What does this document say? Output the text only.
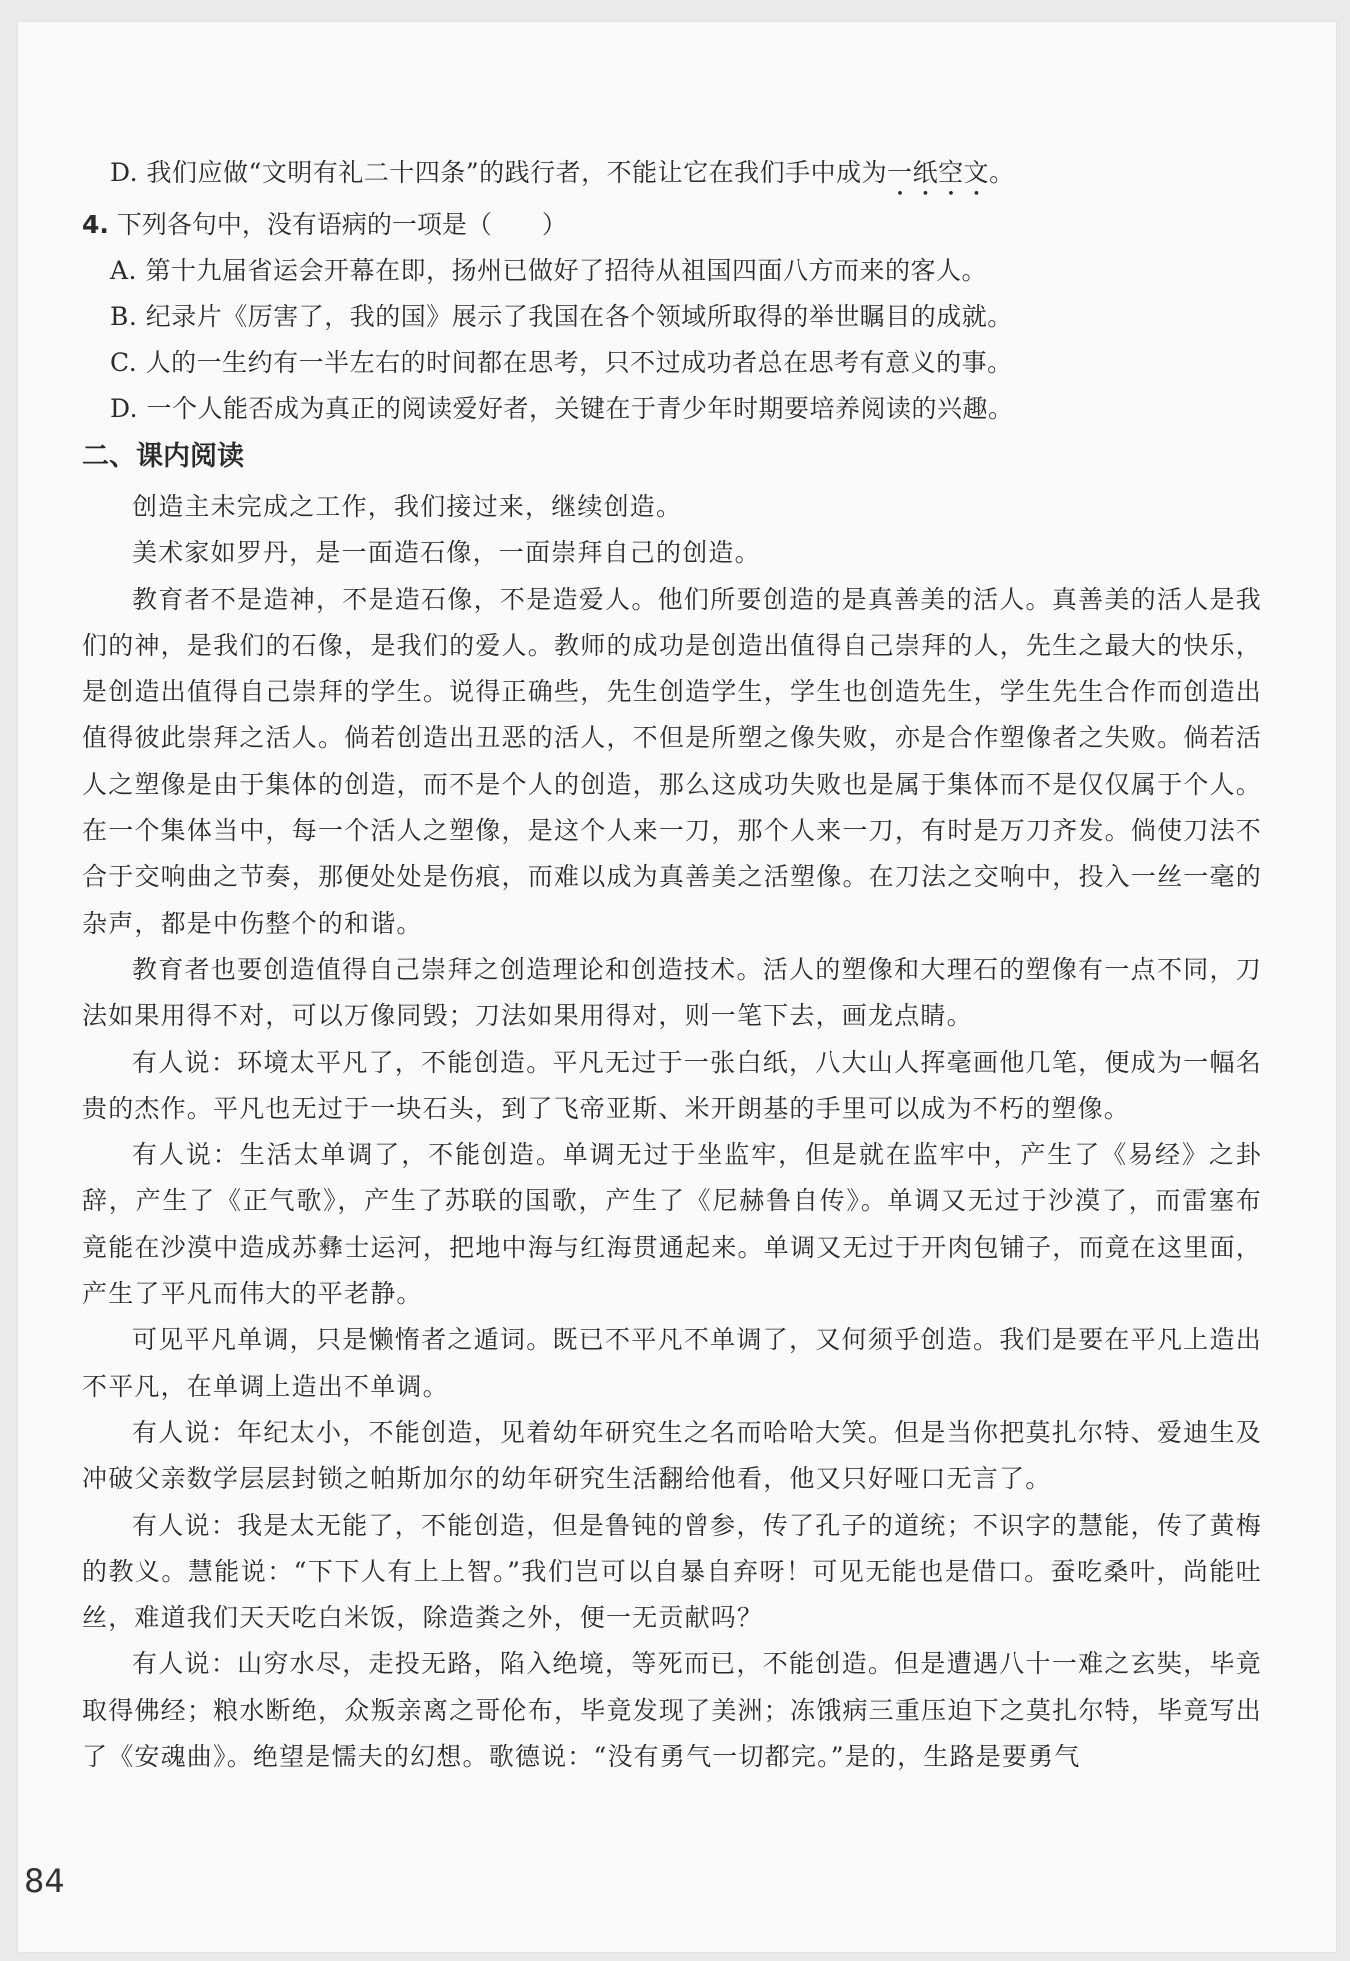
D. 我们应做“文明有礼二十四条”的践行者，不能让它在我们手中成为一纸空文。
4. 下列各句中，没有语病的一项是（　　）
A. 第十九届省运会开幕在即，扬州已做好了招待从祖国四面八方而来的客人。
B. 纪录片《厉害了，我的国》展示了我国在各个领域所取得的举世瞩目的成就。
C. 人的一生约有一半左右的时间都在思考，只不过成功者总在思考有意义的事。
D. 一个人能否成为真正的阅读爱好者，关键在于青少年时期要培养阅读的兴趣。
二、课内阅读

创造主未完成之工作，我们接过来，继续创造。

美术家如罗丹，是一面造石像，一面崇拜自己的创造。

教育者不是造神，不是造石像，不是造爱人。他们所要创造的是真善美的活人。真善美的活人是我们的神，是我们的石像，是我们的爱人。教师的成功是创造出值得自己崇拜的人，先生之最大的快乐，是创造出值得自己崇拜的学生。说得正确些，先生创造学生，学生也创造先生，学生先生合作而创造出值得彼此崇拜之活人。倘若创造出丑恶的活人，不但是所塑之像失败，亦是合作塑像者之失败。倘若活人之塑像是由于集体的创造，而不是个人的创造，那么这成功失败也是属于集体而不是仅仅属于个人。在一个集体当中，每一个活人之塑像，是这个人来一刀，那个人来一刀，有时是万刀齐发。倘使刀法不合于交响曲之节奏，那便处处是伤痕，而难以成为真善美之活塑像。在刀法之交响中，投入一丝一毫的杂声，都是中伤整个的和谐。

教育者也要创造值得自己崇拜之创造理论和创造技术。活人的塑像和大理石的塑像有一点不同，刀法如果用得不对，可以万像同毁；刀法如果用得对，则一笔下去，画龙点睛。

有人说：环境太平凡了，不能创造。平凡无过于一张白纸，八大山人挥毫画他几笔，便成为一幅名贵的杰作。平凡也无过于一块石头，到了飞帝亚斯、米开朗基的手里可以成为不朽的塑像。

有人说：生活太单调了，不能创造。单调无过于坐监牢，但是就在监牢中，产生了《易经》之卦辞，产生了《正气歌》，产生了苏联的国歌，产生了《尼赫鲁自传》。单调又无过于沙漠了，而雷塞布竟能在沙漠中造成苏彝士运河，把地中海与红海贯通起来。单调又无过于开肉包铺子，而竟在这里面，产生了平凡而伟大的平老静。

可见平凡单调，只是懒惰者之遁词。既已不平凡不单调了，又何须乎创造。我们是要在平凡上造出不平凡，在单调上造出不单调。

有人说：年纪太小，不能创造，见着幼年研究生之名而哈哈大笑。但是当你把莫扎尔特、爱迪生及冲破父亲数学层层封锁之帕斯加尔的幼年研究生活翻给他看，他又只好哑口无言了。

有人说：我是太无能了，不能创造，但是鲁钝的曾参，传了孔子的道统；不识字的慧能，传了黄梅的教义。慧能说：“下下人有上上智。”我们岂可以自暴自弃呀！可见无能也是借口。蚕吃桑叶，尚能吐丝，难道我们天天吃白米饭，除造粪之外，便一无贡献吗？

有人说：山穷水尽，走投无路，陷入绝境，等死而已，不能创造。但是遭遇八十一难之玄奘，毕竟取得佛经；粮水断绝，众叛亲离之哥伦布，毕竟发现了美洲；冻饿病三重压迫下之莫扎尔特，毕竟写出了《安魂曲》。绝望是懦夫的幻想。歌德说：“没有勇气一切都完。”是的，生路是要勇气

84
